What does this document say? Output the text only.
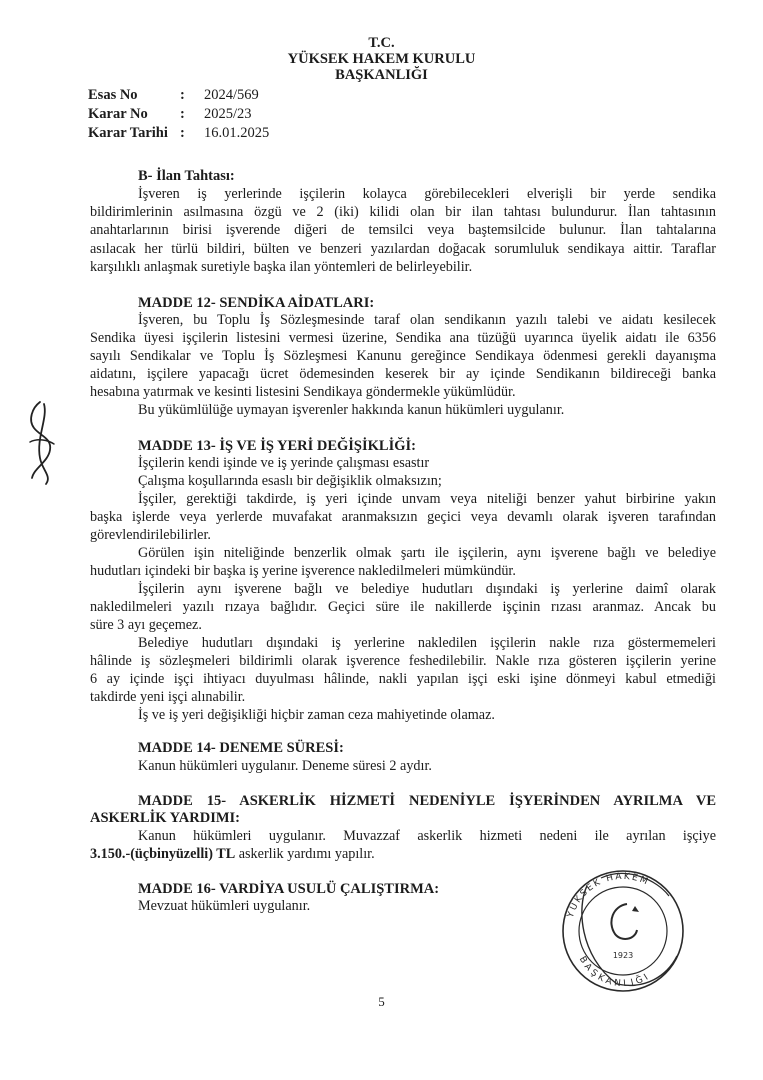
T.C.
YÜKSEK HAKEM KURULU
BAŞKANLIĞI
Esas No	:	2024/569
Karar No	:	2025/23
Karar Tarihi :	16.01.2025
B- İlan Tahtası:
İşveren iş yerlerinde işçilerin kolayca görebilecekleri elverişli bir yerde sendika
bildirimlerinin asılmasına özgü ve 2 (iki) kilidi olan bir ilan tahtası bulundurur. İlan tahtasının
anahtarlarının birisi işverende diğeri de temsilci veya baştemsilcide bulunur. İlan tahtalarına
asılacak her türlü bildiri, bülten ve benzeri yazılardan doğacak sorumluluk sendikaya aittir. Taraflar
karşılıklı anlaşmak suretiyle başka ilan yöntemleri de belirleyebilir.
MADDE 12- SENDİKA AİDATLARI:
İşveren, bu Toplu İş Sözleşmesinde taraf olan sendikanın yazılı talebi ve aidatı kesilecek
Sendika üyesi işçilerin listesini vermesi üzerine, Sendika ana tüzüğü uyarınca üyelik aidatı ile 6356
sayılı Sendikalar ve Toplu İş Sözleşmesi Kanunu gereğince Sendikaya ödenmesi gerekli dayanışma
aidatını, işçilere yapacağı ücret ödemesinden keserek bir ay içinde Sendikanın bildireceği banka
hesabına yatırmak ve kesinti listesini Sendikaya göndermekle yükümlüdür.
Bu yükümlülüğe uymayan işverenler hakkında kanun hükümleri uygulanır.
MADDE 13- İŞ VE İŞ YERİ DEĞİŞİKLİĞİ:
İşçilerin kendi işinde ve iş yerinde çalışması esastır
Çalışma koşullarında esaslı bir değişiklik olmaksızın;
İşçiler, gerektiği takdirde, iş yeri içinde unvam veya niteliği benzer yahut birbirine yakın
başka işlerde veya yerlerde muvafakat aranmaksızın geçici veya devamlı olarak işveren tarafından
görevlendirilebilirler.
Görülen işin niteliğinde benzerlik olmak şartı ile işçilerin, aynı işverene bağlı ve belediye
hudutları içindeki bir başka iş yerine işverence nakledilmeleri mümkündür.
İşçilerin aynı işverene bağlı ve belediye hudutları dışındaki iş yerlerine daimî olarak
nakledilmeleri yazılı rızaya bağlıdır. Geçici süre ile nakillerde işçinin rızası aranmaz. Ancak bu
süre 3 ayı geçemez.
Belediye hudutları dışındaki iş yerlerine nakledilen işçilerin nakle rıza göstermemeleri
hâlinde iş sözleşmeleri bildirimli olarak işverence feshedilebilir. Nakle rıza gösteren işçilerin yerine
6 ay içinde işçi ihtiyacı duyulması hâlinde, nakli yapılan işçi eski işine dönmeyi kabul etmediği
takdirde yeni işçi alınabilir.
İş ve iş yeri değişikliği hiçbir zaman ceza mahiyetinde olamaz.
MADDE 14- DENEME SÜRESİ:
Kanun hükümleri uygulanır. Deneme süresi 2 aydır.
MADDE 15- ASKERLİK HİZMETİ NEDENİYLE İŞYERİNDEN AYRILMA VE
ASKERLİK YARDIMI:
Kanun hükümleri uygulanır. Muvazzaf askerlik hizmeti nedeni ile ayrılan işçiye
3.150.-(üçbinyüzelli) TL askerlik yardımı yapılır.
MADDE 16- VARDİYA USULÜ ÇALIŞTIRMA:
Mevzuat hükümleri uygulanır.
5
YÜKSEK HAKEM
BAŞKANLIĞI
1923
